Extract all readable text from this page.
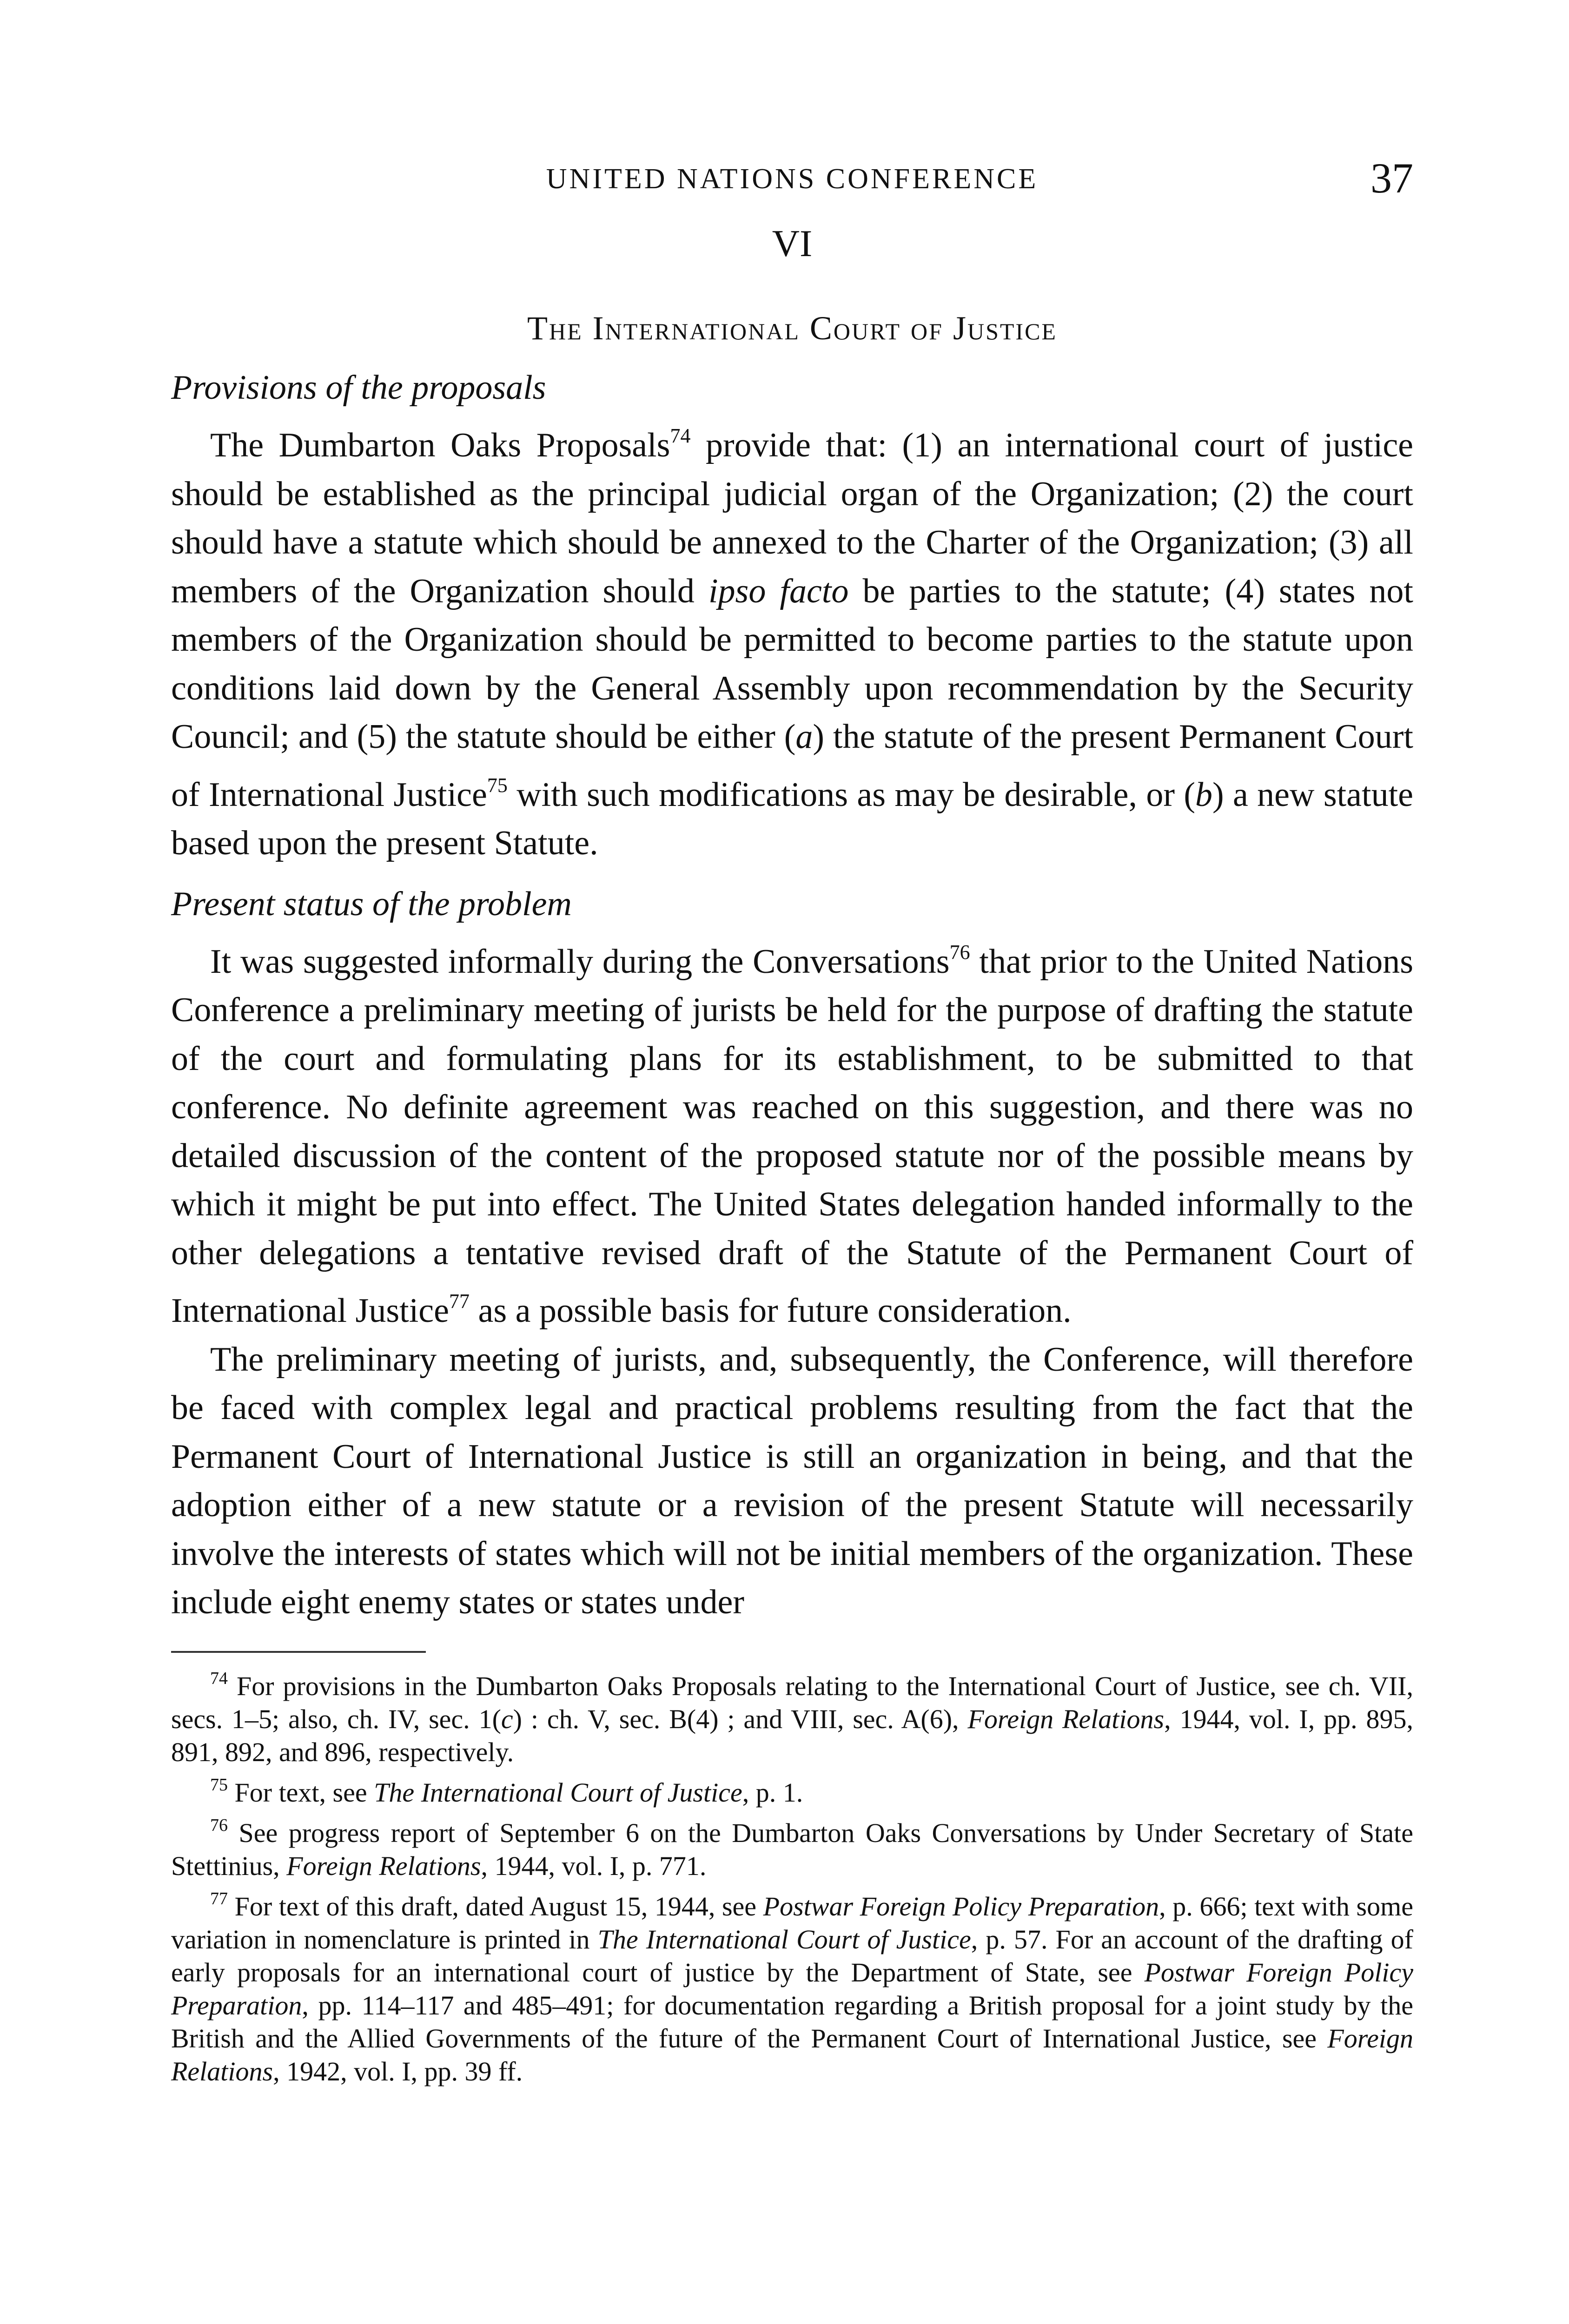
UNITED NATIONS CONFERENCE	37
VI
The International Court of Justice
Provisions of the proposals

The Dumbarton Oaks Proposals$^{74}$ provide that: (1) an international court of justice should be established as the principal judicial organ of the Organization; (2) the court should have a statute which should be annexed to the Charter of the Organization; (3) all members of the Organization should ipso facto be parties to the statute; (4) states not members of the Organization should be permitted to become parties to the statute upon conditions laid down by the General Assembly upon recommendation by the Security Council; and (5) the statute should be either (a) the statute of the present Permanent Court of International Justice$^{75}$ with such modifications as may be desirable, or (b) a new statute based upon the present Statute.

Present status of the problem

It was suggested informally during the Conversations$^{76}$ that prior to the United Nations Conference a preliminary meeting of jurists be held for the purpose of drafting the statute of the court and formulating plans for its establishment, to be submitted to that conference. No definite agreement was reached on this suggestion, and there was no detailed discussion of the content of the proposed statute nor of the possible means by which it might be put into effect. The United States delegation handed informally to the other delegations a tentative revised draft of the Statute of the Permanent Court of International Justice$^{77}$ as a possible basis for future consideration.

The preliminary meeting of jurists, and, subsequently, the Conference, will therefore be faced with complex legal and practical problems resulting from the fact that the Permanent Court of International Justice is still an organization in being, and that the adoption either of a new statute or a revision of the present Statute will necessarily involve the interests of states which will not be initial members of the organization. These include eight enemy states or states under

$^{74}$ For provisions in the Dumbarton Oaks Proposals relating to the International Court of Justice, see ch. VII, secs. 1–5; also, ch. IV, sec. 1(c) : ch. V, sec. B(4) ; and VIII, sec. A(6), Foreign Relations, 1944, vol. I, pp. 895, 891, 892, and 896, respectively.

$^{75}$ For text, see The International Court of Justice, p. 1.

$^{76}$ See progress report of September 6 on the Dumbarton Oaks Conversations by Under Secretary of State Stettinius, Foreign Relations, 1944, vol. I, p. 771.

$^{77}$ For text of this draft, dated August 15, 1944, see Postwar Foreign Policy Preparation, p. 666; text with some variation in nomenclature is printed in The International Court of Justice, p. 57. For an account of the drafting of early proposals for an international court of justice by the Department of State, see Postwar Foreign Policy Preparation, pp. 114–117 and 485–491; for documentation regarding a British proposal for a joint study by the British and the Allied Governments of the future of the Permanent Court of International Justice, see Foreign Relations, 1942, vol. I, pp. 39 ff.
